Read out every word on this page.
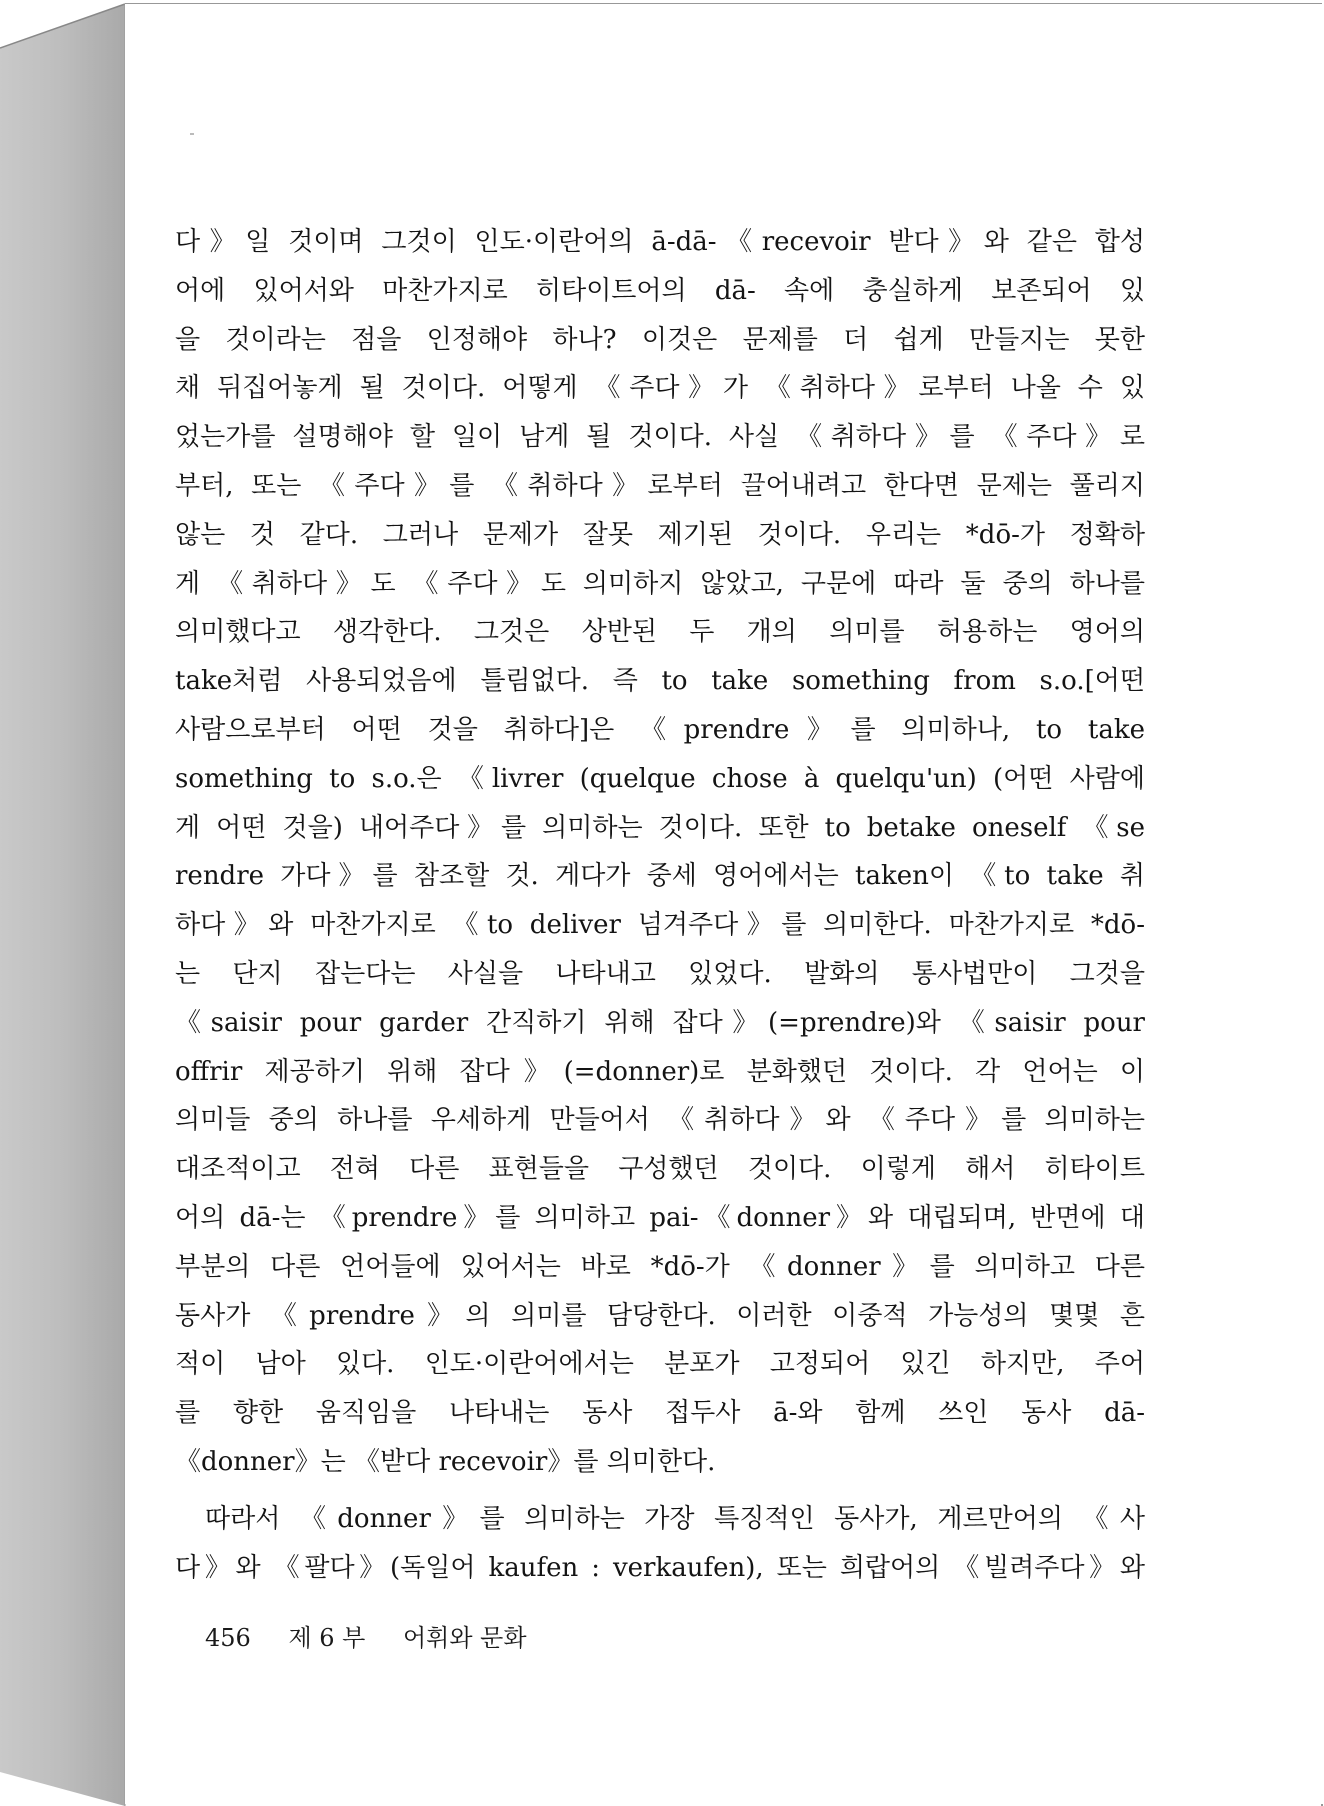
다》일 것이며 그것이 인도·이란어의 ā-dā-《recevoir 받다》와 같은 합성
어에 있어서와 마찬가지로 히타이트어의 dā- 속에 충실하게 보존되어 있
을 것이라는 점을 인정해야 하나? 이것은 문제를 더 쉽게 만들지는 못한
채 뒤집어놓게 될 것이다. 어떻게 《주다》가 《취하다》로부터 나올 수 있
었는가를 설명해야 할 일이 남게 될 것이다. 사실 《취하다》를 《주다》로
부터, 또는 《주다》를 《취하다》로부터 끌어내려고 한다면 문제는 풀리지
않는 것 같다. 그러나 문제가 잘못 제기된 것이다. 우리는 *dō-가 정확하
게 《취하다》도 《주다》도 의미하지 않았고, 구문에 따라 둘 중의 하나를
의미했다고 생각한다. 그것은 상반된 두 개의 의미를 허용하는 영어의
take처럼 사용되었음에 틀림없다. 즉 to take something from s.o.[어떤
사람으로부터 어떤 것을 취하다]은 《prendre》를 의미하나, to take
something to s.o.은 《livrer (quelque chose à quelqu'un) (어떤 사람에
게 어떤 것을) 내어주다》를 의미하는 것이다. 또한 to betake oneself 《se
rendre 가다》를 참조할 것. 게다가 중세 영어에서는 taken이 《to take 취
하다》와 마찬가지로 《to deliver 넘겨주다》를 의미한다. 마찬가지로 *dō-
는 단지 잡는다는 사실을 나타내고 있었다. 발화의 통사법만이 그것을
《saisir pour garder 간직하기 위해 잡다》(=prendre)와 《saisir pour
offrir 제공하기 위해 잡다》(=donner)로 분화했던 것이다. 각 언어는 이
의미들 중의 하나를 우세하게 만들어서 《취하다》와 《주다》를 의미하는
대조적이고 전혀 다른 표현들을 구성했던 것이다. 이렇게 해서 히타이트
어의 dā-는 《prendre》를 의미하고 pai-《donner》와 대립되며, 반면에 대
부분의 다른 언어들에 있어서는 바로 *dō-가 《donner》를 의미하고 다른
동사가 《prendre》의 의미를 담당한다. 이러한 이중적 가능성의 몇몇 흔
적이 남아 있다. 인도·이란어에서는 분포가 고정되어 있긴 하지만, 주어
를 향한 움직임을 나타내는 동사 접두사 ā-와 함께 쓰인 동사 dā-
《donner》는 《받다 recevoir》를 의미한다.
따라서 《donner》를 의미하는 가장 특징적인 동사가, 게르만어의 《사
다》와 《팔다》(독일어 kaufen : verkaufen), 또는 희랍어의 《빌려주다》와
456 제 6 부 어휘와 문화
